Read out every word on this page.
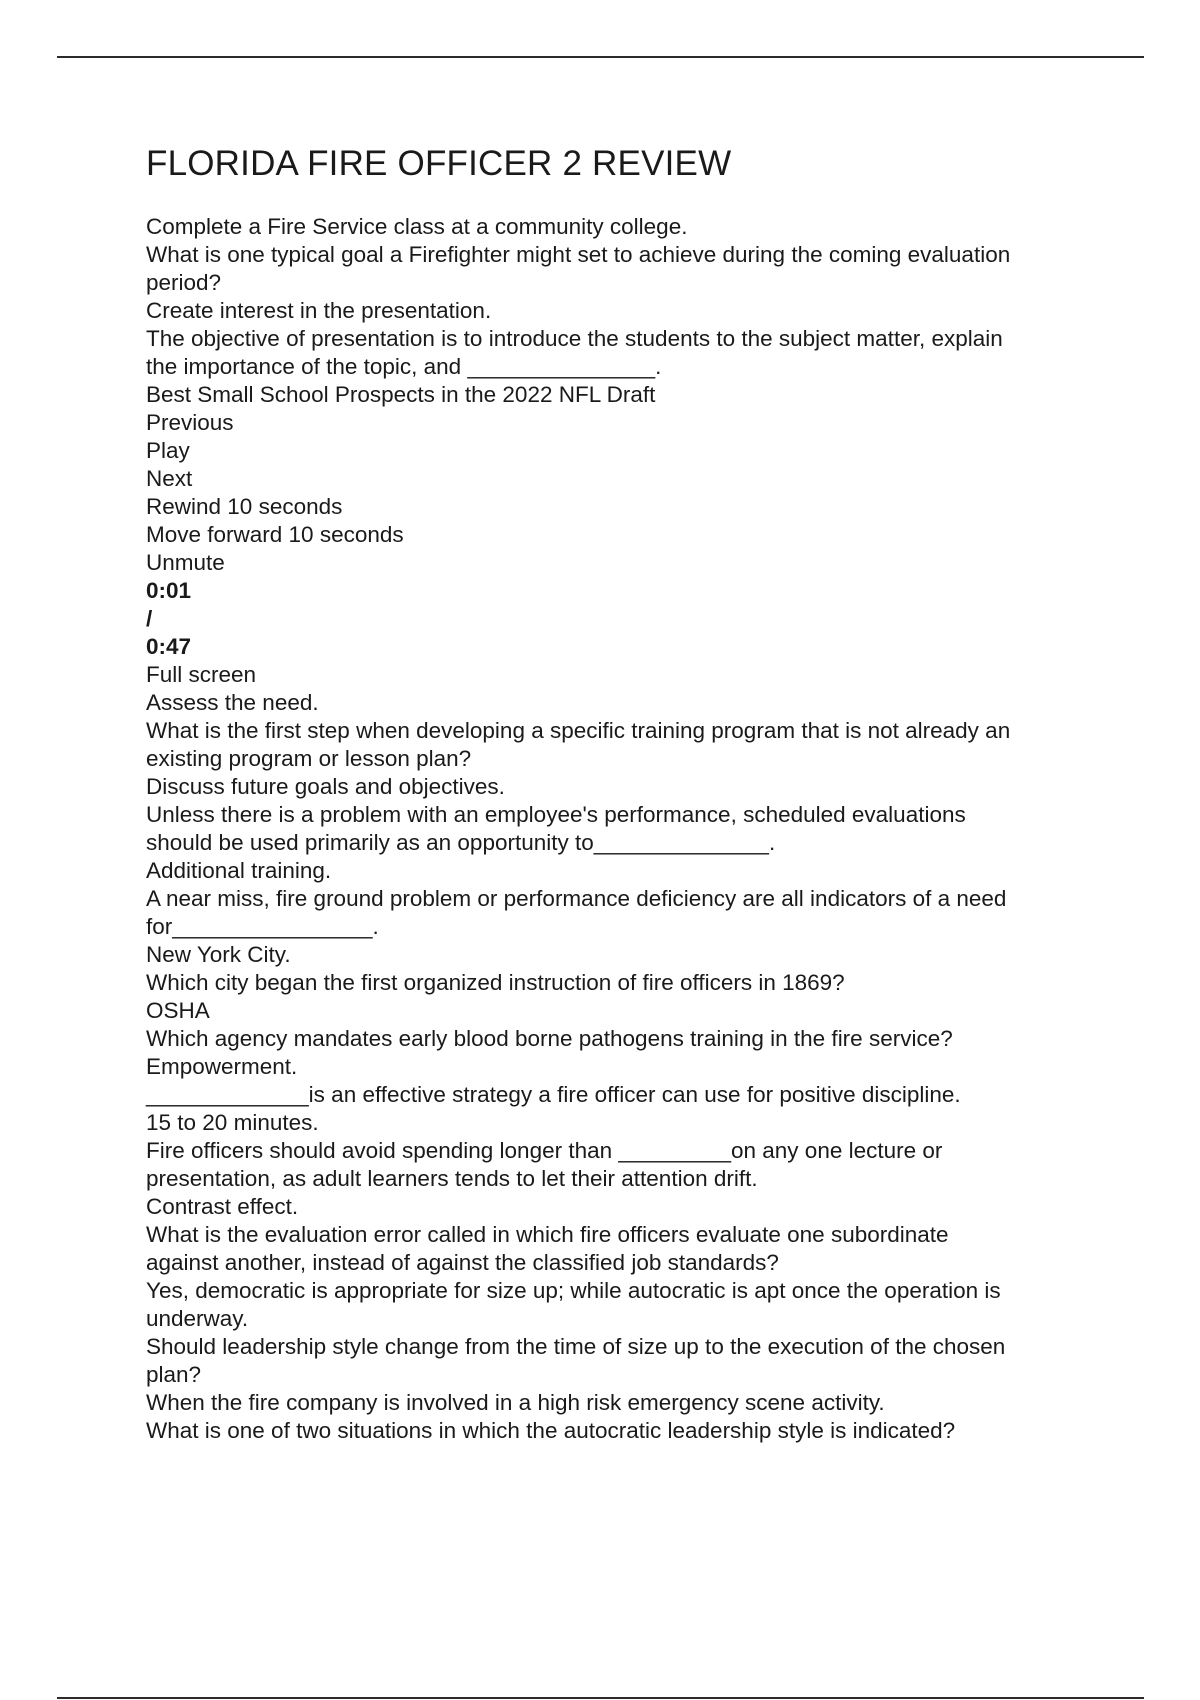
FLORIDA FIRE OFFICER 2 REVIEW
Complete a Fire Service class at a community college.
What is one typical goal a Firefighter might set to achieve during the coming evaluation
period?
Create interest in the presentation.
The objective of presentation is to introduce the students to the subject matter, explain
the importance of the topic, and _______________.
Best Small School Prospects in the 2022 NFL Draft
Previous
Play
Next
Rewind 10 seconds
Move forward 10 seconds
Unmute
0:01
/
0:47
Full screen
Assess the need.
What is the first step when developing a specific training program that is not already an
existing program or lesson plan?
Discuss future goals and objectives.
Unless there is a problem with an employee's performance, scheduled evaluations
should be used primarily as an opportunity to______________.
Additional training.
A near miss, fire ground problem or performance deficiency are all indicators of a need
for________________.
New York City.
Which city began the first organized instruction of fire officers in 1869?
OSHA
Which agency mandates early blood borne pathogens training in the fire service?
Empowerment.
_____________is an effective strategy a fire officer can use for positive discipline.
15 to 20 minutes.
Fire officers should avoid spending longer than _________on any one lecture or
presentation, as adult learners tends to let their attention drift.
Contrast effect.
What is the evaluation error called in which fire officers evaluate one subordinate
against another, instead of against the classified job standards?
Yes, democratic is appropriate for size up; while autocratic is apt once the operation is
underway.
Should leadership style change from the time of size up to the execution of the chosen
plan?
When the fire company is involved in a high risk emergency scene activity.
What is one of two situations in which the autocratic leadership style is indicated?
